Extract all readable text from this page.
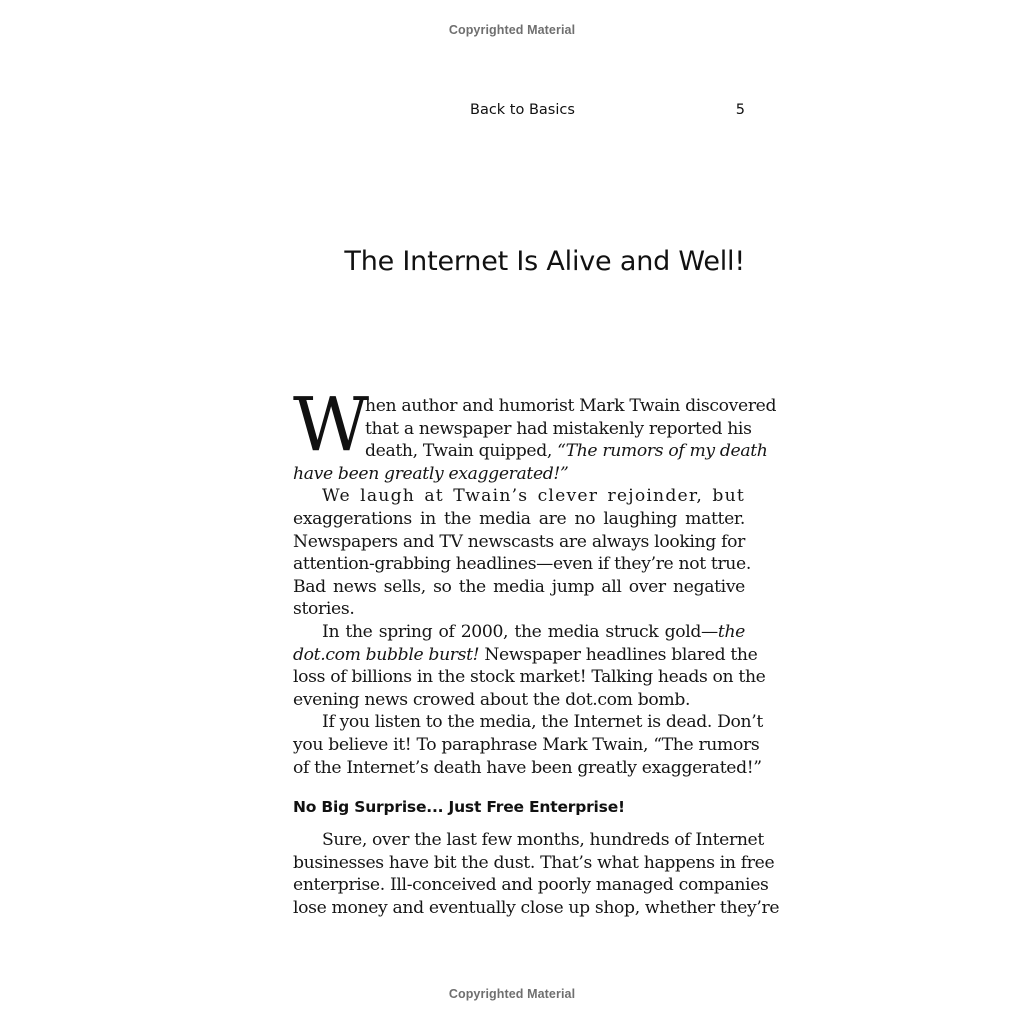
Copyrighted Material
Back to Basics	5
The Internet Is Alive and Well!
W
hen author and humorist Mark Twain discovered
that a newspaper had mistakenly reported his
death, Twain quipped, “The rumors of my death
have been greatly exaggerated!”
We laugh at Twain’s clever rejoinder, but
exaggerations in the media are no laughing matter.
Newspapers and TV newscasts are always looking for
attention-grabbing headlines—even if they’re not true.
Bad news sells, so the media jump all over negative
stories.
In the spring of 2000, the media struck gold—the
dot.com bubble burst! Newspaper headlines blared the
loss of billions in the stock market! Talking heads on the
evening news crowed about the dot.com bomb.
If you listen to the media, the Internet is dead. Don’t
you believe it! To paraphrase Mark Twain, “The rumors
of the Internet’s death have been greatly exaggerated!”
No Big Surprise... Just Free Enterprise!
Sure, over the last few months, hundreds of Internet
businesses have bit the dust. That’s what happens in free
enterprise. Ill-conceived and poorly managed companies
lose money and eventually close up shop, whether they’re
Copyrighted Material
